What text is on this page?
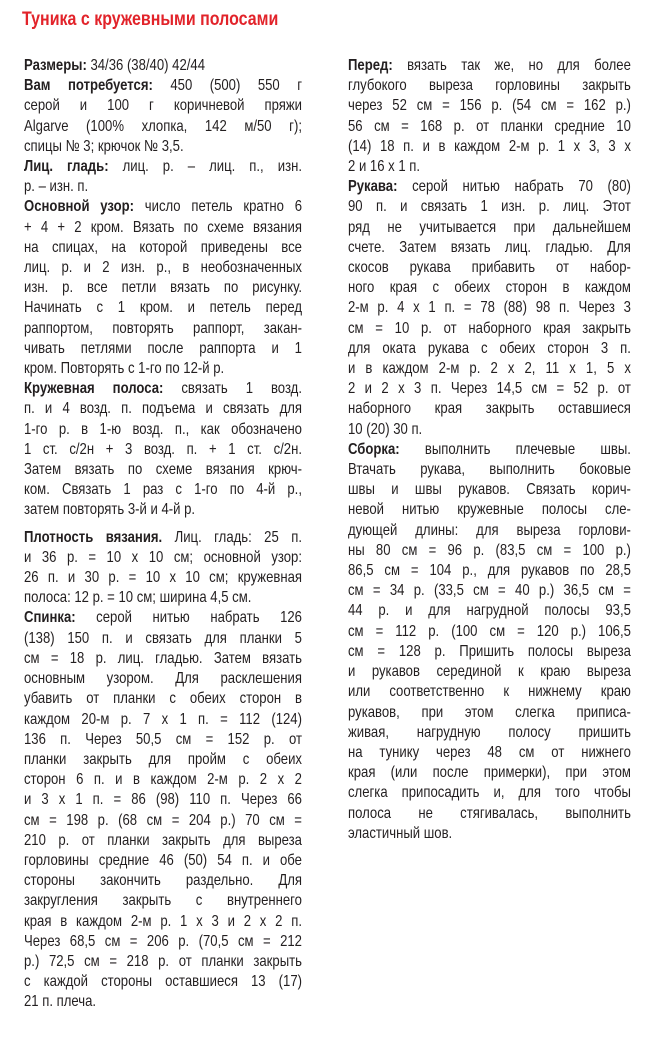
Туника с кружевными полосами
Размеры: 34/36 (38/40) 42/44
Вам потребуется: 450 (500) 550 г
серой и 100 г коричневой пряжи
Algarve (100% хлопка, 142 м/50 г);
спицы № 3; крючок № 3,5.
Лиц. гладь: лиц. р. – лиц. п., изн.
р. – изн. п.
Основной узор: число петель кратно 6
+ 4 + 2 кром. Вязать по схеме вязания
на спицах, на которой приведены все
лиц. р. и 2 изн. р., в необозначенных
изн. р. все петли вязать по рисунку.
Начинать с 1 кром. и петель перед
раппортом, повторять раппорт, закан-
чивать петлями после раппорта и 1
кром. Повторять с 1-го по 12-й р.
Кружевная полоса: связать 1 возд.
п. и 4 возд. п. подъема и связать для
1-го р. в 1-ю возд. п., как обозначено
1 ст. с/2н + 3 возд. п. + 1 ст. с/2н.
Затем вязать по схеме вязания крюч-
ком. Связать 1 раз с 1-го по 4-й р.,
затем повторять 3-й и 4-й р.
Плотность вязания. Лиц. гладь: 25 п.
и 36 р. = 10 х 10 см; основной узор:
26 п. и 30 р. = 10 х 10 см; кружевная
полоса: 12 р. = 10 см; ширина 4,5 см.
Спинка: серой нитью набрать 126
(138) 150 п. и связать для планки 5
см = 18 р. лиц. гладью. Затем вязать
основным узором. Для расклешения
убавить от планки с обеих сторон в
каждом 20-м р. 7 х 1 п. = 112 (124)
136 п. Через 50,5 см = 152 р. от
планки закрыть для пройм с обеих
сторон 6 п. и в каждом 2-м р. 2 х 2
и 3 х 1 п. = 86 (98) 110 п. Через 66
см = 198 р. (68 см = 204 р.) 70 см =
210 р. от планки закрыть для выреза
горловины средние 46 (50) 54 п. и обе
стороны закончить раздельно. Для
закругления закрыть с внутреннего
края в каждом 2-м р. 1 х 3 и 2 х 2 п.
Через 68,5 см = 206 р. (70,5 см = 212
р.) 72,5 см = 218 р. от планки закрыть
с каждой стороны оставшиеся 13 (17)
21 п. плеча.
Перед: вязать так же, но для более
глубокого выреза горловины закрыть
через 52 см = 156 р. (54 см = 162 р.)
56 см = 168 р. от планки средние 10
(14) 18 п. и в каждом 2-м р. 1 х 3, 3 х
2 и 16 х 1 п.
Рукава: серой нитью набрать 70 (80)
90 п. и связать 1 изн. р. лиц. Этот
ряд не учитывается при дальнейшем
счете. Затем вязать лиц. гладью. Для
скосов рукава прибавить от набор-
ного края с обеих сторон в каждом
2-м р. 4 х 1 п. = 78 (88) 98 п. Через 3
см = 10 р. от наборного края закрыть
для оката рукава с обеих сторон 3 п.
и в каждом 2-м р. 2 х 2, 11 х 1, 5 х
2 и 2 х 3 п. Через 14,5 см = 52 р. от
наборного края закрыть оставшиеся
10 (20) 30 п.
Сборка: выполнить плечевые швы.
Втачать рукава, выполнить боковые
швы и швы рукавов. Связать корич-
невой нитью кружевные полосы сле-
дующей длины: для выреза горлови-
ны 80 см = 96 р. (83,5 см = 100 р.)
86,5 см = 104 р., для рукавов по 28,5
см = 34 р. (33,5 см = 40 р.) 36,5 см =
44 р. и для нагрудной полосы 93,5
см = 112 р. (100 см = 120 р.) 106,5
см = 128 р. Пришить полосы выреза
и рукавов серединой к краю выреза
или соответственно к нижнему краю
рукавов, при этом слегка приписа-
живая, нагрудную полосу пришить
на тунику через 48 см от нижнего
края (или после примерки), при этом
слегка припосадить и, для того чтобы
полоса не стягивалась, выполнить
эластичный шов.
